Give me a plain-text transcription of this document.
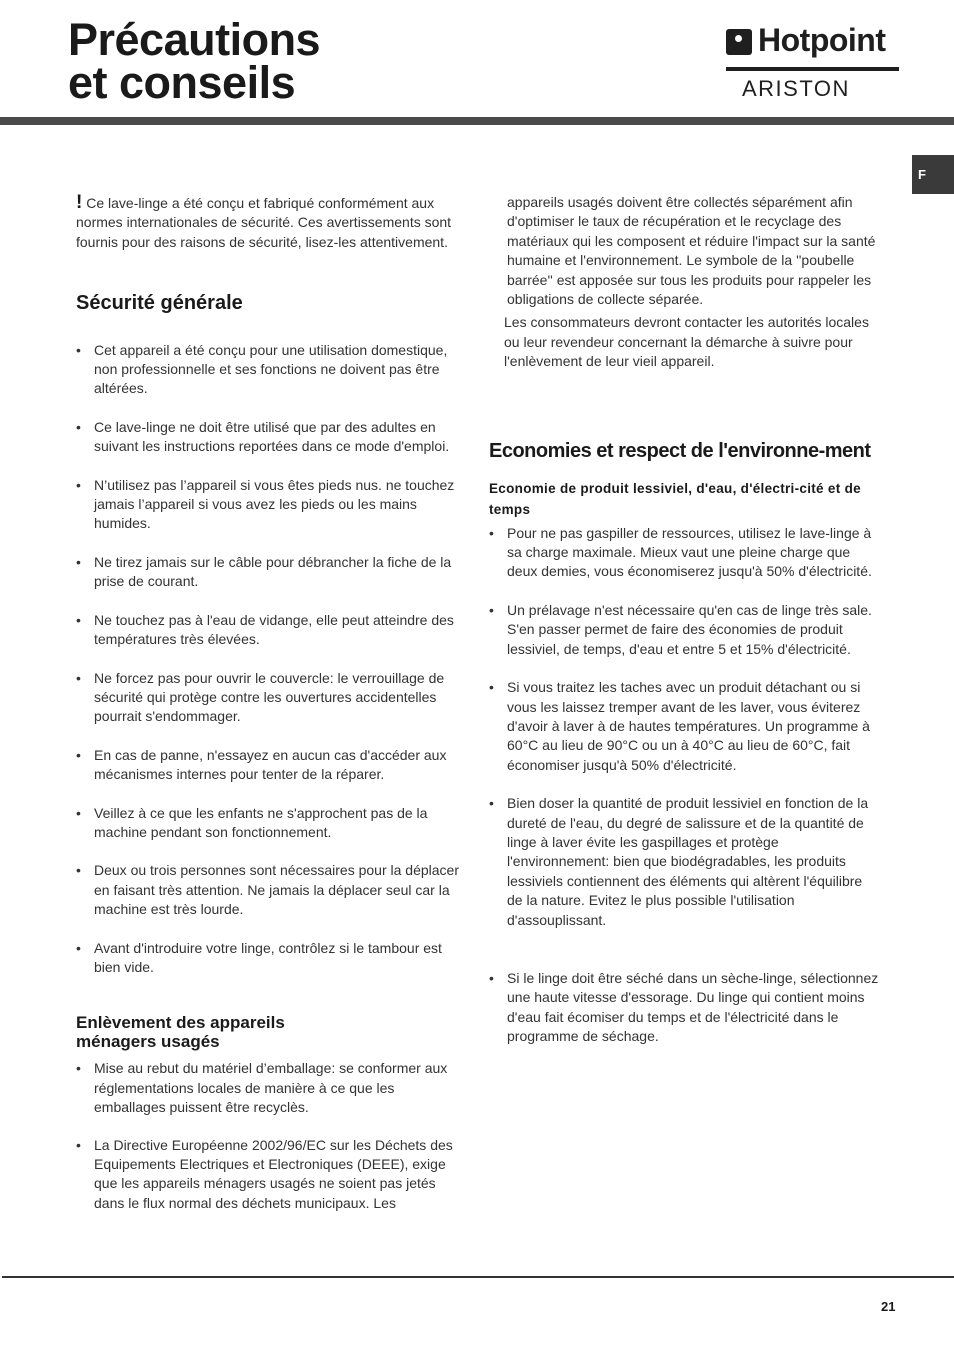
Précautions
et conseils
Hotpoint
ARISTON
F

! Ce lave-linge a été conçu et fabriqué conformément aux normes internationales de sécurité. Ces avertissements sont fournis pour des raisons de sécurité, lisez-les attentivement.

Sécurité générale
• Cet appareil a été conçu pour une utilisation domestique, non professionnelle et ses fonctions ne doivent pas être altérées.
• Ce lave-linge ne doit être utilisé que par des adultes en suivant les instructions reportées dans ce mode d'emploi.
• N’utilisez pas l’appareil si vous êtes pieds nus. ne touchez jamais l’appareil si vous avez les pieds ou les mains humides.
• Ne tirez jamais sur le câble pour débrancher la fiche de la prise de courant.
• Ne touchez pas à l'eau de vidange, elle peut atteindre des températures très élevées.
• Ne forcez pas pour ouvrir le couvercle: le verrouillage de sécurité qui protège contre les ouvertures accidentelles pourrait s'endommager.
• En cas de panne, n'essayez en aucun cas d'accéder aux mécanismes internes pour tenter de la réparer.
• Veillez à ce que les enfants ne s'approchent pas de la machine pendant son fonctionnement.
• Deux ou trois personnes sont nécessaires pour la déplacer en faisant très attention. Ne jamais la déplacer seul car la machine est très lourde.
• Avant d'introduire votre linge, contrôlez si le tambour est bien vide.
Enlèvement des appareils
ménagers usagés
• Mise au rebut du matériel d’emballage: se conformer aux réglementations locales de manière à ce que les emballages puissent être recyclès.
• La Directive Européenne 2002/96/EC sur les Déchets des Equipements Electriques et Electroniques (DEEE), exige que les appareils ménagers usagés ne soient pas jetés dans le flux normal des déchets municipaux. Les

appareils usagés doivent être collectés séparément afin d'optimiser le taux de récupération et le recyclage des matériaux qui les composent et réduire l'impact sur la santé humaine et l'environnement. Le symbole de la ''poubelle barrée'' est apposée sur tous les produits pour rappeler les obligations de collecte séparée.

Les consommateurs devront contacter les autorités locales ou leur revendeur concernant la démarche à suivre pour l'enlèvement de leur vieil appareil.

Economies et respect de l'environne-ment

Economie de produit lessiviel, d'eau, d'électri-cité et de temps

• Pour ne pas gaspiller de ressources, utilisez le lave-linge à sa charge maximale. Mieux vaut une pleine charge que deux demies, vous économiserez jusqu'à 50% d'électricité.
• Un prélavage n'est nécessaire qu'en cas de linge très sale. S'en passer permet de faire des économies de produit lessiviel, de temps, d'eau et entre 5 et 15% d'électricité.
• Si vous traitez les taches avec un produit détachant ou si vous les laissez tremper avant de les laver, vous éviterez d'avoir à laver à de hautes températures. Un programme à 60°C au lieu de 90°C ou un à 40°C au lieu de 60°C, fait économiser jusqu'à 50% d'électricité.
• Bien doser la quantité de produit lessiviel en fonction de la dureté de l'eau, du degré de salissure et de la quantité de linge à laver évite les gaspillages et protège l'environnement: bien que biodégradables, les produits lessiviels contiennent des éléments qui altèrent l'équilibre de la nature. Evitez le plus possible l'utilisation d'assouplissant.
• Si le linge doit être séché dans un sèche-linge, sélectionnez une haute vitesse d'essorage. Du linge qui contient moins d'eau fait écomiser du temps et de l'électricité dans le programme de séchage.
21
